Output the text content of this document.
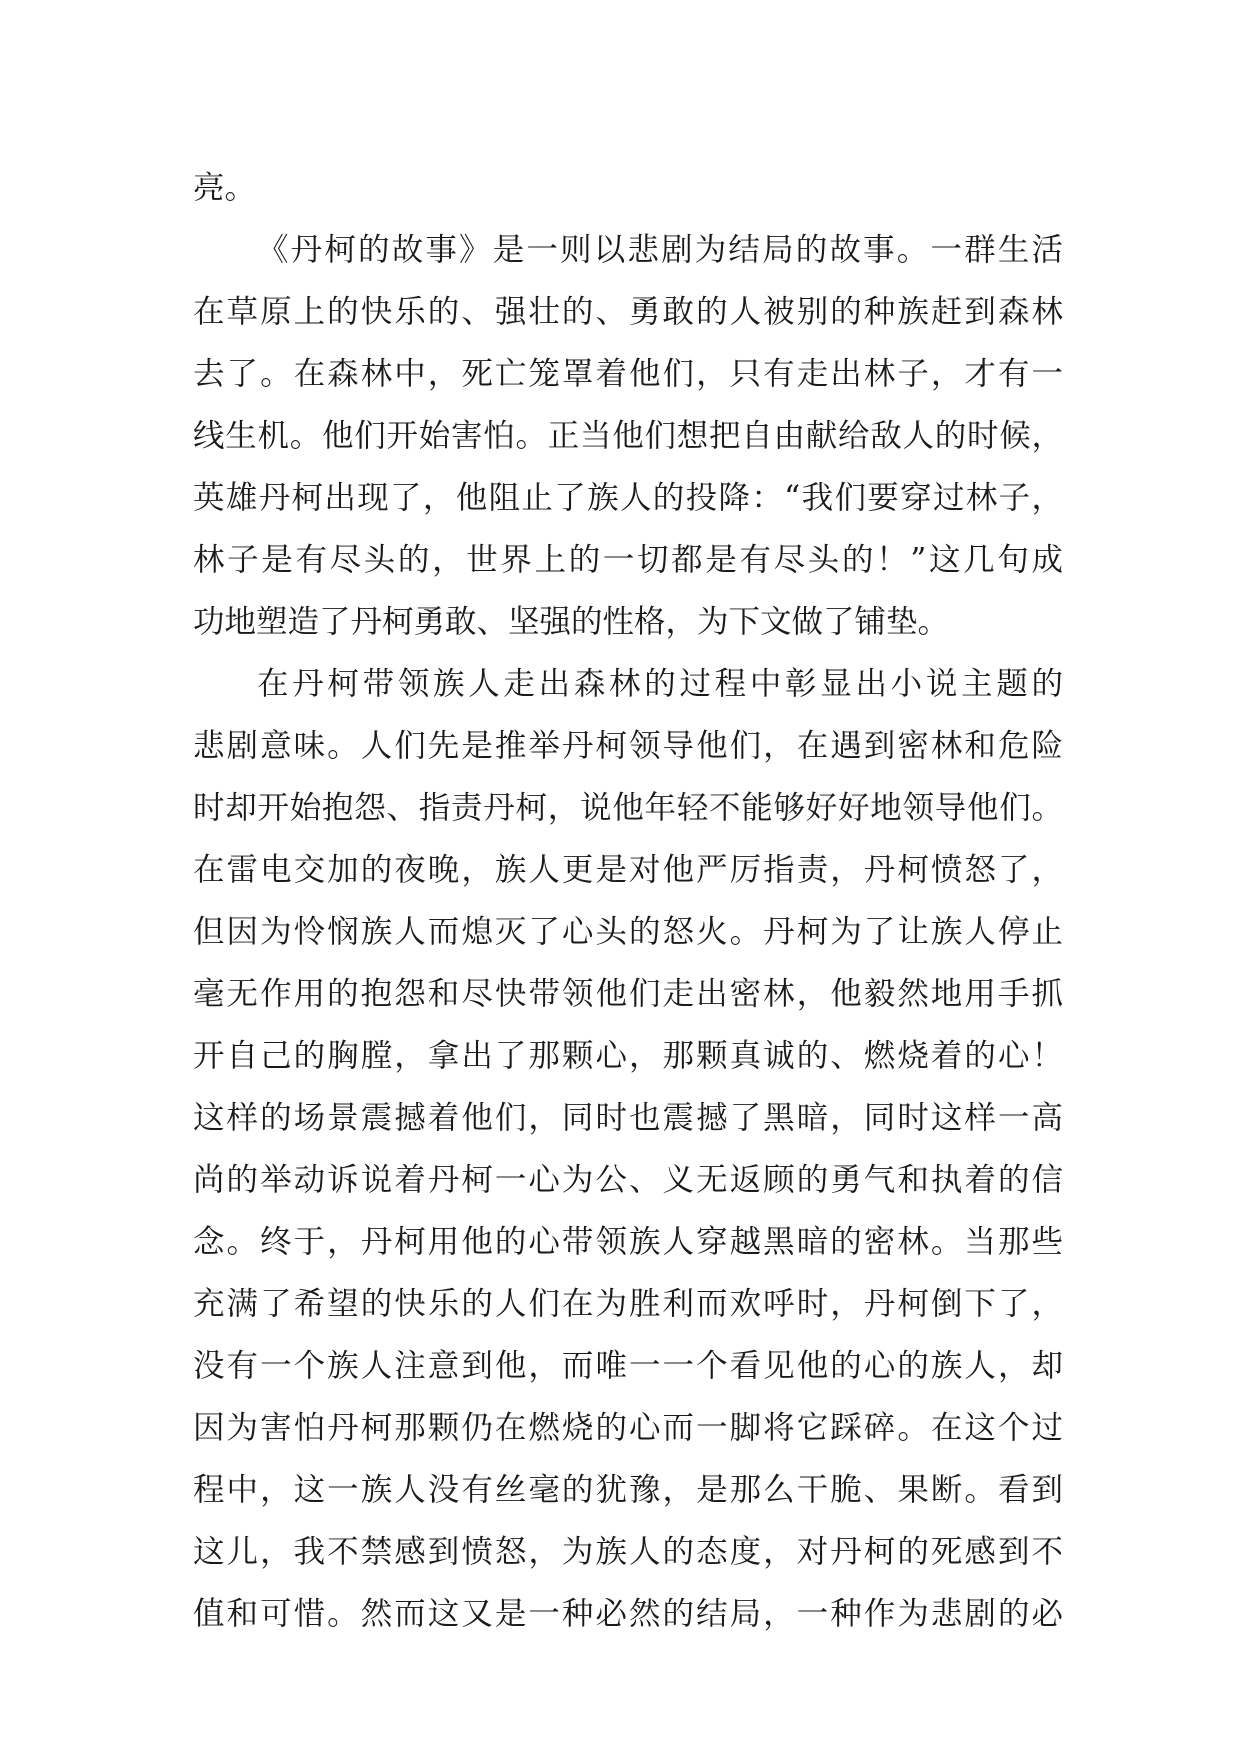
亮。
《丹柯的故事》是一则以悲剧为结局的故事。一群生活
在草原上的快乐的、强壮的、勇敢的人被别的种族赶到森林
去了。在森林中，死亡笼罩着他们，只有走出林子，才有一
线生机。他们开始害怕。正当他们想把自由献给敌人的时候，
英雄丹柯出现了，他阻止了族人的投降：“我们要穿过林子，
林子是有尽头的，世界上的一切都是有尽头的！”这几句成
功地塑造了丹柯勇敢、坚强的性格，为下文做了铺垫。
在丹柯带领族人走出森林的过程中彰显出小说主题的
悲剧意味。人们先是推举丹柯领导他们，在遇到密林和危险
时却开始抱怨、指责丹柯，说他年轻不能够好好地领导他们。
在雷电交加的夜晚，族人更是对他严厉指责，丹柯愤怒了，
但因为怜悯族人而熄灭了心头的怒火。丹柯为了让族人停止
毫无作用的抱怨和尽快带领他们走出密林，他毅然地用手抓
开自己的胸膛，拿出了那颗心，那颗真诚的、燃烧着的心！
这样的场景震撼着他们，同时也震撼了黑暗，同时这样一高
尚的举动诉说着丹柯一心为公、义无返顾的勇气和执着的信
念。终于，丹柯用他的心带领族人穿越黑暗的密林。当那些
充满了希望的快乐的人们在为胜利而欢呼时，丹柯倒下了，
没有一个族人注意到他，而唯一一个看见他的心的族人，却
因为害怕丹柯那颗仍在燃烧的心而一脚将它踩碎。在这个过
程中，这一族人没有丝毫的犹豫，是那么干脆、果断。看到
这儿，我不禁感到愤怒，为族人的态度，对丹柯的死感到不
值和可惜。然而这又是一种必然的结局，一种作为悲剧的必
